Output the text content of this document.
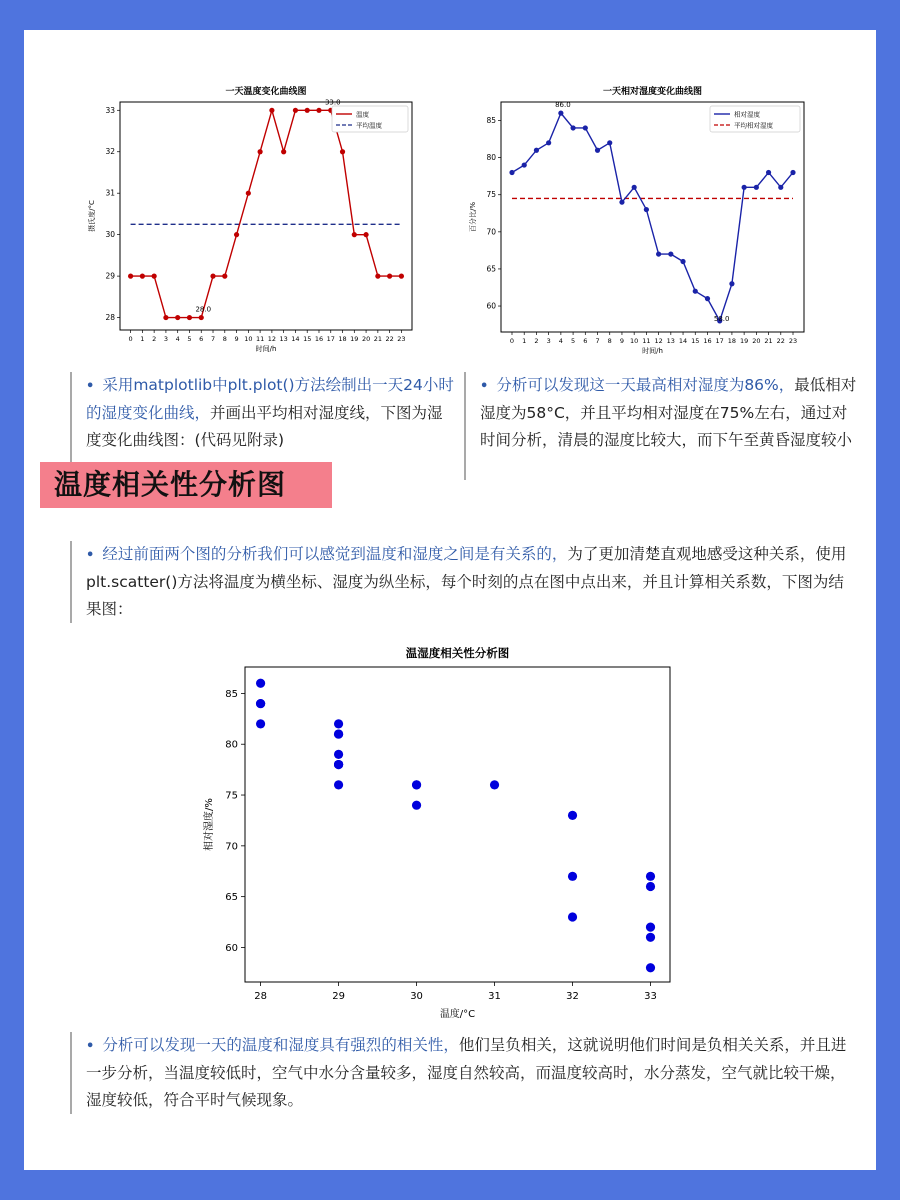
一天温度变化曲线图
0 1 2 3 4 5 6 7 8 9 10 11 12 13 14 15 16 17 18 19 20 21 22 23
28
29
30
31
32
33
时间/h
摄氏度/°C
28.0
33.0
温度
平均温度
一天相对湿度变化曲线图
0 1 2 3 4 5 6 7 8 9 10 11 12 13 14 15 16 17 18 19 20 21 22 23
60
65
70
75
80
85
时间/h
百分比/%
86.0
58.0
相对湿度
平均相对湿度
• 采用matplotlib中plt.plot()方法绘制出一天24小时的湿度变化曲线，并画出平均相对湿度线，下图为湿度变化曲线图：(代码见附录)
• 分析可以发现这一天最高相对湿度为86%，最低相对湿度为58°C，并且平均相对湿度在75%左右，通过对时间分析，清晨的湿度比较大，而下午至黄昏湿度较小
温度相关性分析图
• 经过前面两个图的分析我们可以感觉到温度和湿度之间是有关系的，为了更加清楚直观地感受这种关系，使用plt.scatter()方法将温度为横坐标、湿度为纵坐标，每个时刻的点在图中点出来，并且计算相关系数，下图为结果图：
温湿度相关性分析图
28	29	30	31	32	33
60
65
70
75
80
85
温度/°C
相对湿度/%
• 分析可以发现一天的温度和湿度具有强烈的相关性，他们呈负相关，这就说明他们时间是负相关关系，并且进一步分析，当温度较低时，空气中水分含量较多，湿度自然较高，而温度较高时，水分蒸发，空气就比较干燥，湿度较低，符合平时气候现象。
